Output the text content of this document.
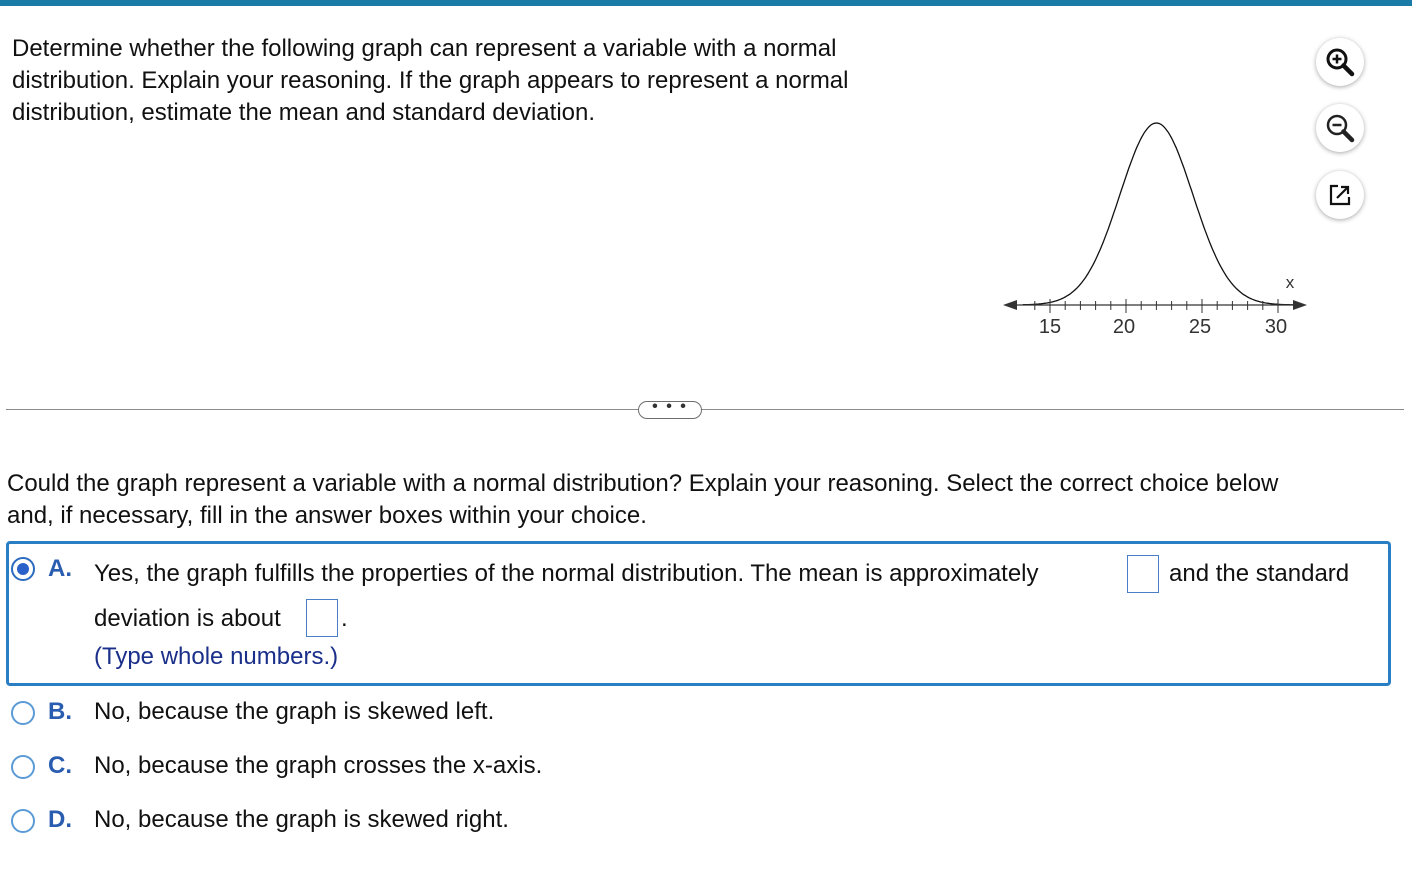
Determine whether the following graph can represent a variable with a normal
distribution. Explain your reasoning. If the graph appears to represent a normal
distribution, estimate the mean and standard deviation.
x
15	20	25	30
• • •
Could the graph represent a variable with a normal distribution? Explain your reasoning. Select the correct choice below
and, if necessary, fill in the answer boxes within your choice.
A. Yes, the graph fulfills the properties of the normal distribution. The mean is approximately	and the standard
deviation is about	.
(Type whole numbers.)
B. No, because the graph is skewed left.
C. No, because the graph crosses the x-axis.
D. No, because the graph is skewed right.
